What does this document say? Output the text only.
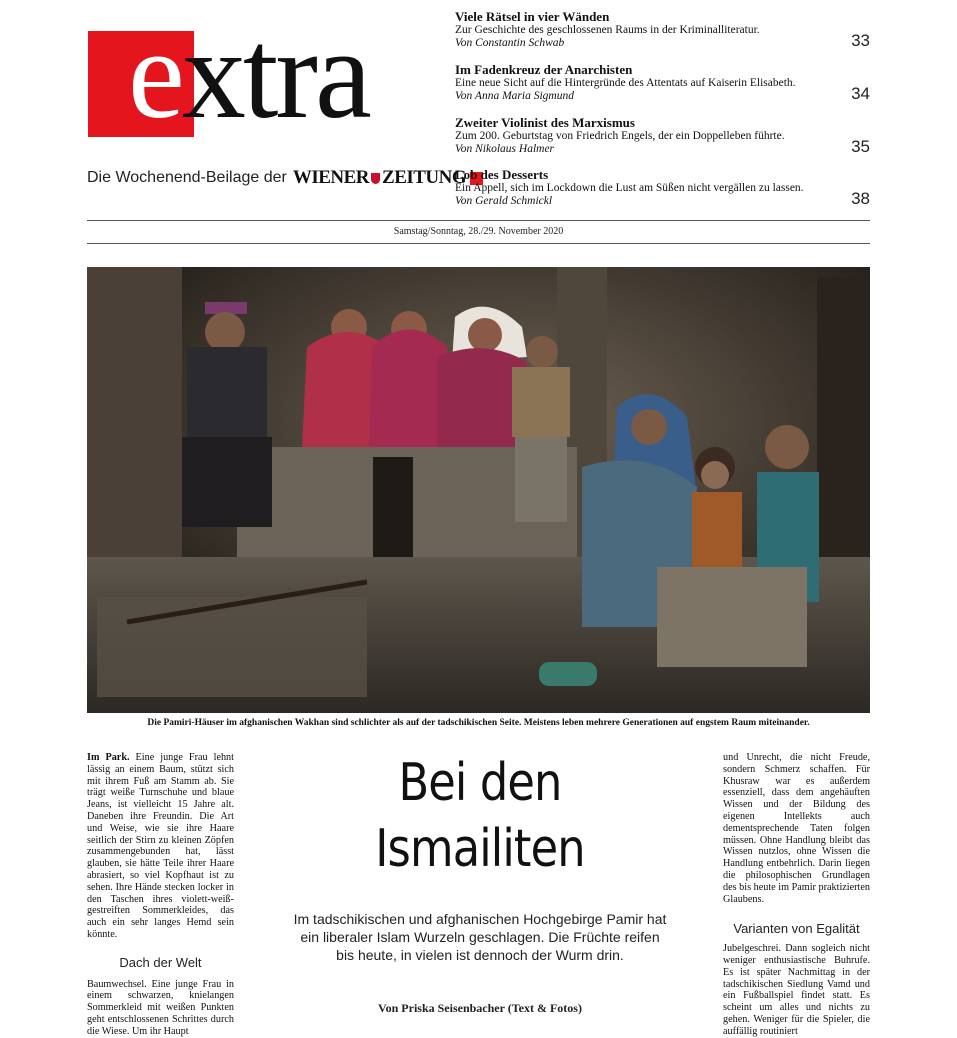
extra
Die Wochenend-Beilage der WIENER ZEITUNG
Viele Rätsel in vier Wänden

Zur Geschichte des geschlossenen Raums in der Kriminalliteratur.

Von Constantin Schwab	33
Im Fadenkreuz der Anarchisten

Eine neue Sicht auf die Hintergründe des Attentats auf Kaiserin Elisabeth.

Von Anna Maria Sigmund	34
Zweiter Violinist des Marxismus

Zum 200. Geburtstag von Friedrich Engels, der ein Doppelleben führte.

Von Nikolaus Halmer	35
Lob des Desserts

Ein Appell, sich im Lockdown die Lust am Süßen nicht vergällen zu lassen.

Von Gerald Schmickl	38
Samstag/Sonntag, 28./29. November 2020
Die Pamiri-Häuser im afghanischen Wakhan sind schlichter als auf der tadschikischen Seite. Meistens leben mehrere Generationen auf engstem Raum miteinander.

Im Park. Eine junge Frau lehnt lässig an einem Baum, stützt sich mit ihrem Fuß am Stamm ab. Sie trägt weiße Turnschuhe und blaue Jeans, ist vielleicht 15 Jahre alt. Daneben ihre Freundin. Die Art und Weise, wie sie ihre Haare seitlich der Stirn zu kleinen Zöpfen zusammengebunden hat, lässt glauben, sie hätte Teile ihrer Haare abrasiert, so viel Kopfhaut ist zu sehen. Ihre Hände stecken locker in den Taschen ihres violett-weiß-gestreiften Sommerkleides, das auch ein sehr langes Hemd sein könnte.

Dach der Welt

Baumwechsel. Eine junge Frau in einem schwarzen, knielangen Sommerkleid mit weißen Punkten geht entschlossenen Schrittes durch die Wiese. Um ihr Haupt

Bei den
Ismailiten
Im tadschikischen und afghanischen Hochgebirge Pamir hat ein liberaler Islam Wurzeln geschlagen. Die Früchte reifen bis heute, in vielen ist dennoch der Wurm drin.
Von Priska Seisenbacher (Text & Fotos)

und Unrecht, die nicht Freude, sondern Schmerz schaffen. Für Khusraw war es außerdem essenziell, dass dem angehäuften Wissen und der Bildung des eigenen Intellekts auch dementsprechende Taten folgen müssen. Ohne Handlung bleibt das Wissen nutzlos, ohne Wissen die Handlung entbehrlich. Darin liegen die philosophischen Grundlagen des bis heute im Pamir praktizierten Glaubens.

Varianten von Egalität

Jubelgeschrei. Dann sogleich nicht weniger enthusiastische Buhrufe. Es ist später Nachmittag in der tadschikischen Siedlung Vamd und ein Fußballspiel findet statt. Es scheint um alles und nichts zu gehen. Weniger für die Spieler, die auffällig routiniert
